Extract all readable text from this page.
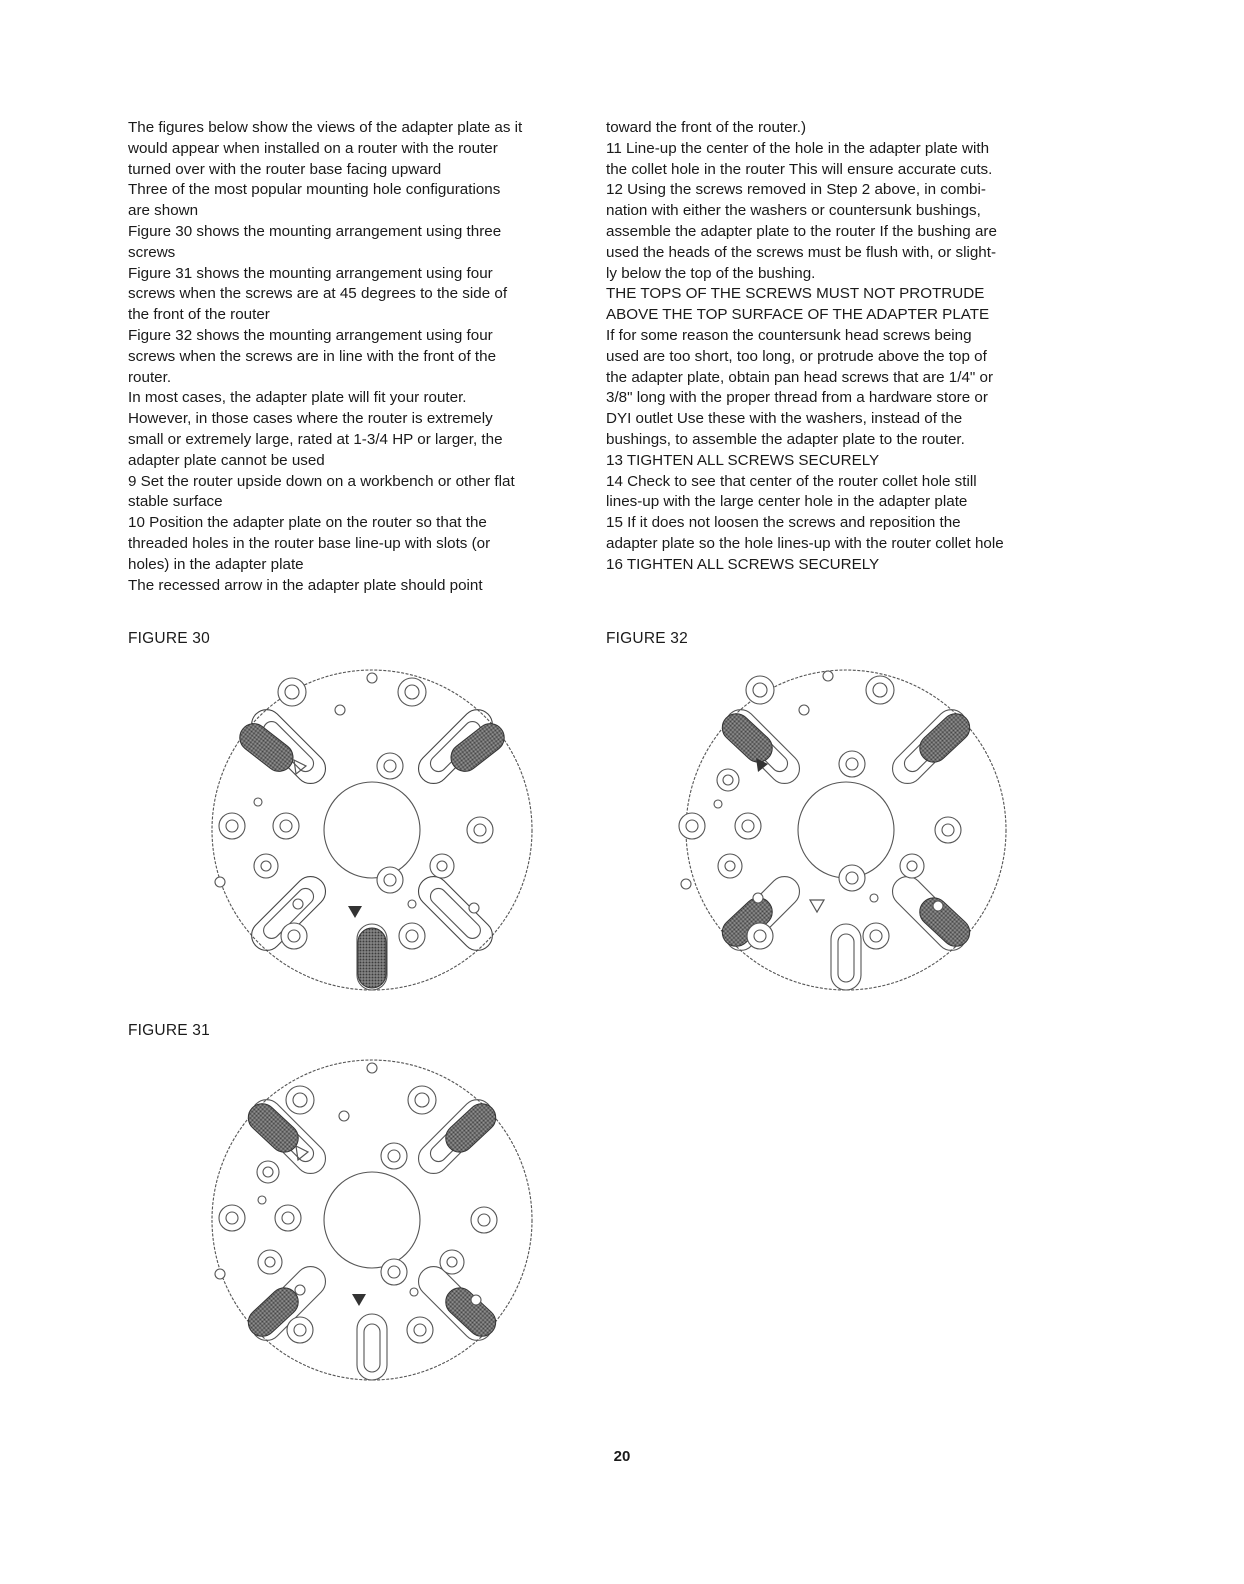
The figures below show the views of the adapter plate as it

would appear when installed on a router with the router

turned over with the router base facing upward

Three of the most popular mounting hole configurations

are shown

Figure 30 shows the mounting arrangement using three

screws

Figure 31 shows the mounting arrangement using four

screws when the screws are at 45 degrees to the side of

the front of the router

Figure 32 shows the mounting arrangement using four

screws when the screws are in line with the front of the

router.

In most cases, the adapter plate will fit your router.

However, in those cases where the router is extremely

small or extremely large, rated at 1-3/4 HP or larger, the

adapter plate cannot be used

9 Set the router upside down on a workbench or other flat

stable surface

10 Position the adapter plate on the router so that the

threaded holes in the router base line-up with slots (or

holes) in the adapter plate

The recessed arrow in the adapter plate should point

toward the front of the router.)

11 Line-up the center of the hole in the adapter plate with

the collet hole in the router This will ensure accurate cuts.

12 Using the screws removed in Step 2 above, in combi-

nation with either the washers or countersunk bushings,

assemble the adapter plate to the router If the bushing are

used the heads of the screws must be flush with, or slight-

ly below the top of the bushing.

THE TOPS OF THE SCREWS MUST NOT PROTRUDE

ABOVE THE TOP SURFACE OF THE ADAPTER PLATE

If for some reason the countersunk head screws being

used are too short, too long, or protrude above the top of

the adapter plate, obtain pan head screws that are 1/4" or

3/8" long with the proper thread from a hardware store or

DYI outlet Use these with the washers, instead of the

bushings, to assemble the adapter plate to the router.

13 TIGHTEN ALL SCREWS SECURELY

14 Check to see that center of the router collet hole still

lines-up with the large center hole in the adapter plate

15 If it does not loosen the screws and reposition the

adapter plate so the hole lines-up with the router collet hole

16 TIGHTEN ALL SCREWS SECURELY

FIGURE 30
FIGURE 31
FIGURE 32
20
